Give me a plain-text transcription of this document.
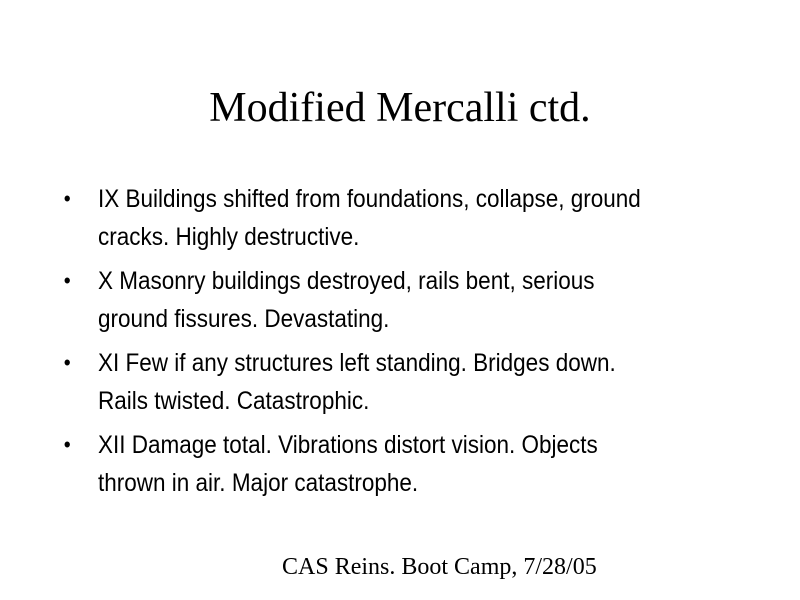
Modified Mercalli ctd.
• IX Buildings shifted from foundations, collapse, ground cracks. Highly destructive.
• X Masonry buildings destroyed, rails bent, serious ground fissures. Devastating.
• XI Few if any structures left standing. Bridges down. Rails twisted. Catastrophic.
• XII Damage total. Vibrations distort vision. Objects thrown in air. Major catastrophe.
CAS Reins. Boot Camp, 7/28/05
